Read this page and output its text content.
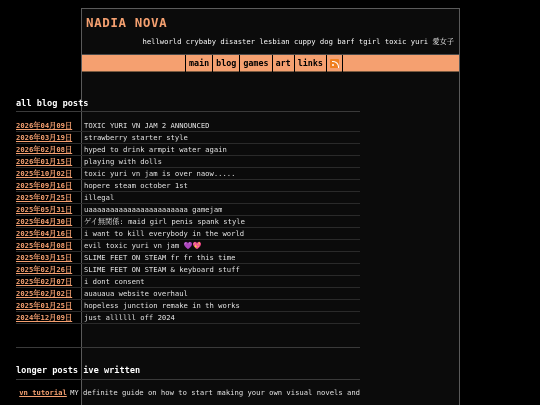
NADIA NOVA
hellworld crybaby disaster lesbian cuppy dog barf tgirl toxic yuri 愛女子
main blog games art links
all blog posts
2026年04月09日	TOXIC YURI VN JAM 2 ANNOUNCED
2026年03月19日	strawberry starter style
2026年02月08日	hyped to drink armpit water again
2026年01月15日	playing with dolls
2025年10月02日	toxic yuri vn jam is over naow.....
2025年09月16日	hopere steam october 1st
2025年07月25日	illegal
2025年05月31日	uaaaaaaaaaaaaaaaaaaaaaaa gamejam
2025年04月30日	ゲイ無関係: maid girl penis spank style
2025年04月16日	i want to kill everybody in the world
2025年04月08日	evil toxic yuri vn jam 💜💖
2025年03月15日	SLIME FEET ON STEAM fr fr this time
2025年02月26日	SLIME FEET ON STEAM & keyboard stuff
2025年02月07日	i dont consent
2025年02月02日	auauaua website overhaul
2025年01月25日	hopeless junction remake in th works
2024年12月09日	just allllll off 2024
longer posts ive written
vn tutorial MY definite guide on how to start making your own visual novels and
